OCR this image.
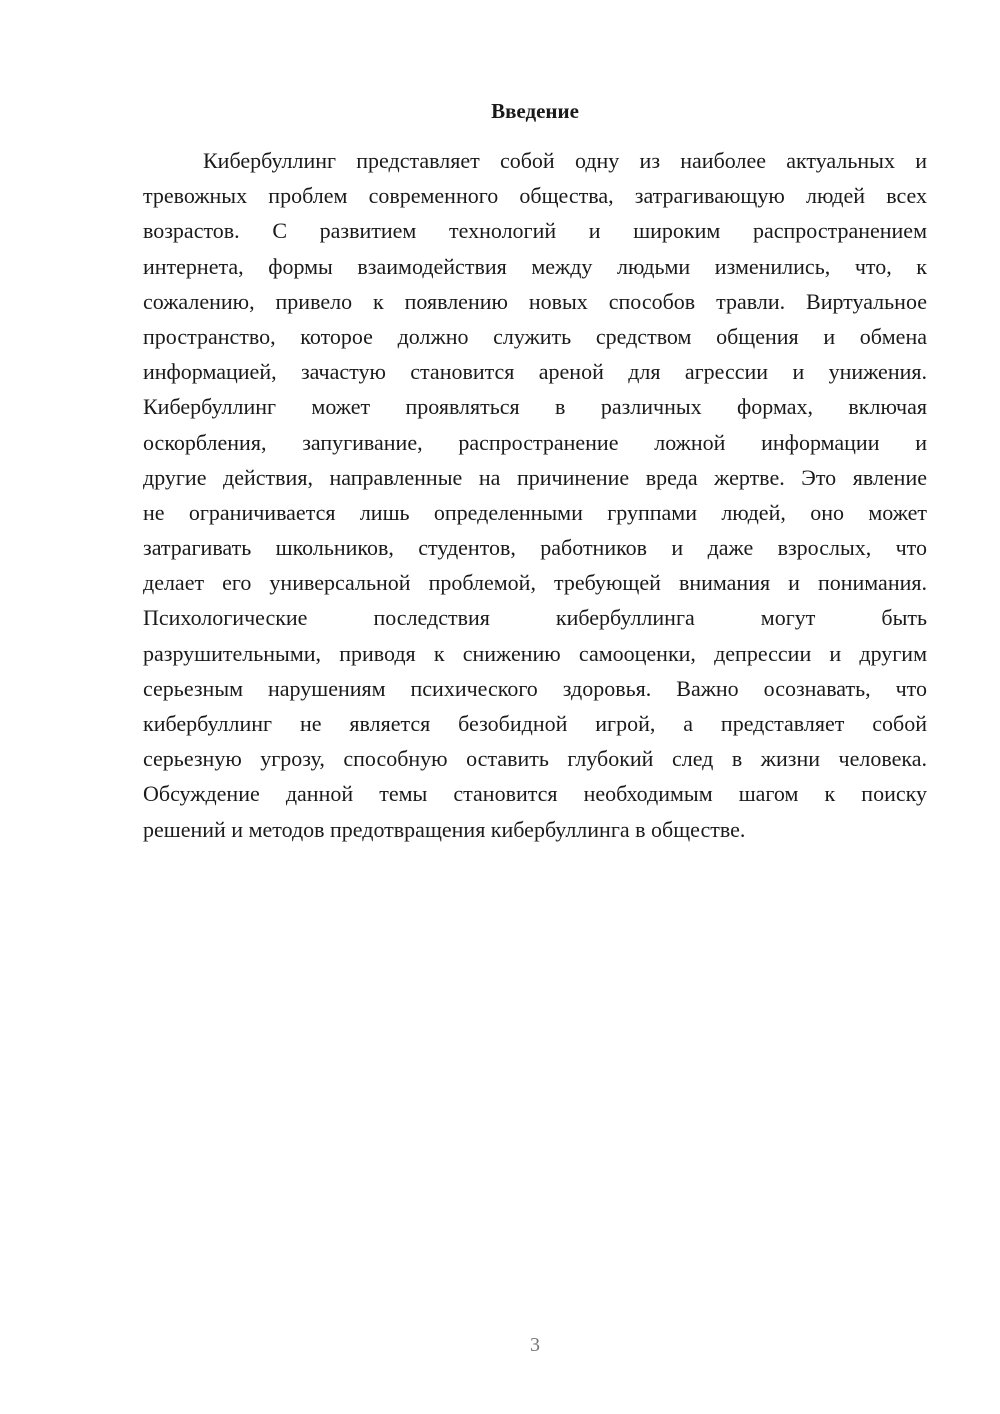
Введение
Кибербуллинг представляет собой одну из наиболее актуальных и
тревожных проблем современного общества, затрагивающую людей всех
возрастов. С развитием технологий и широким распространением
интернета, формы взаимодействия между людьми изменились, что, к
сожалению, привело к появлению новых способов травли. Виртуальное
пространство, которое должно служить средством общения и обмена
информацией, зачастую становится ареной для агрессии и унижения.
Кибербуллинг может проявляться в различных формах, включая
оскорбления, запугивание, распространение ложной информации и
другие действия, направленные на причинение вреда жертве. Это явление
не ограничивается лишь определенными группами людей, оно может
затрагивать школьников, студентов, работников и даже взрослых, что
делает его универсальной проблемой, требующей внимания и понимания.
Психологические последствия кибербуллинга могут быть
разрушительными, приводя к снижению самооценки, депрессии и другим
серьезным нарушениям психического здоровья. Важно осознавать, что
кибербуллинг не является безобидной игрой, а представляет собой
серьезную угрозу, способную оставить глубокий след в жизни человека.
Обсуждение данной темы становится необходимым шагом к поиску
решений и методов предотвращения кибербуллинга в обществе.
3
